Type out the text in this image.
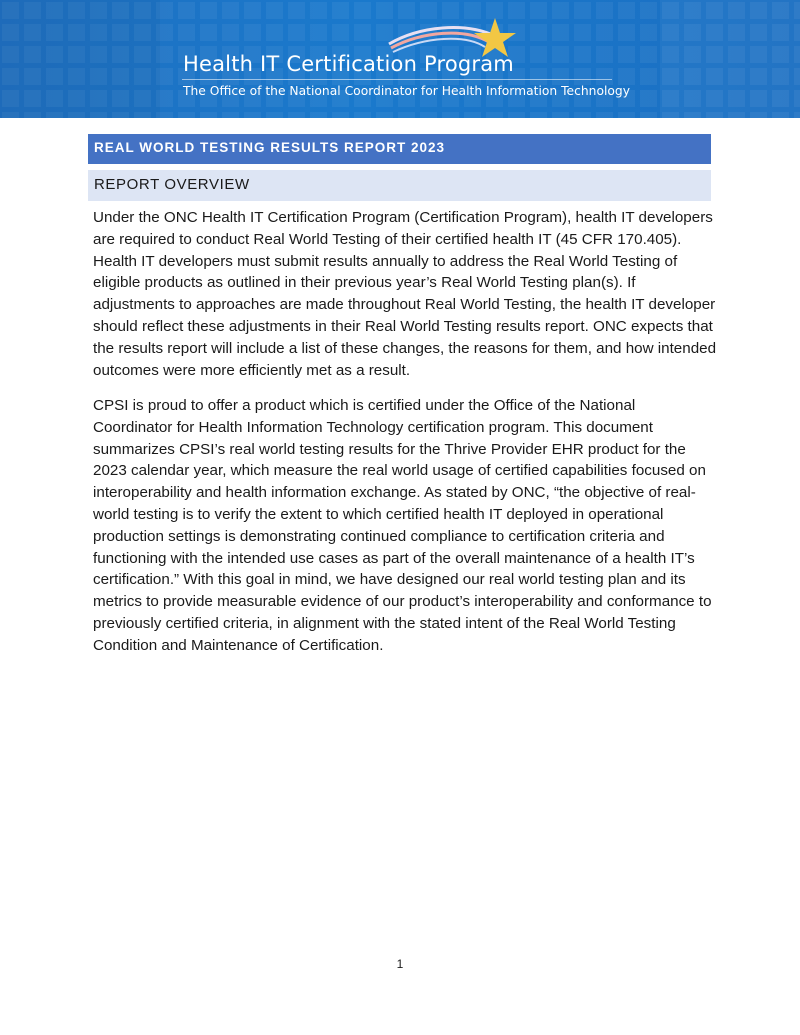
Health IT Certification Program
The Office of the National Coordinator for Health Information Technology
REAL WORLD TESTING RESULTS REPORT 2023
REPORT OVERVIEW

Under the ONC Health IT Certification Program (Certification Program), health IT developers are required to conduct Real World Testing of their certified health IT (45 CFR 170.405). Health IT developers must submit results annually to address the Real World Testing of eligible products as outlined in their previous year’s Real World Testing plan(s). If adjustments to approaches are made throughout Real World Testing, the health IT developer should reflect these adjustments in their Real World Testing results report. ONC expects that the results report will include a list of these changes, the reasons for them, and how intended outcomes were more efficiently met as a result.

CPSI is proud to offer a product which is certified under the Office of the National Coordinator for Health Information Technology certification program. This document summarizes CPSI’s real world testing results for the Thrive Provider EHR product for the 2023 calendar year, which measure the real world usage of certified capabilities focused on interoperability and health information exchange. As stated by ONC, “the objective of real-world testing is to verify the extent to which certified health IT deployed in operational production settings is demonstrating continued compliance to certification criteria and functioning with the intended use cases as part of the overall maintenance of a health IT’s certification.” With this goal in mind, we have designed our real world testing plan and its metrics to provide measurable evidence of our product’s interoperability and conformance to previously certified criteria, in alignment with the stated intent of the Real World Testing Condition and Maintenance of Certification.

1
